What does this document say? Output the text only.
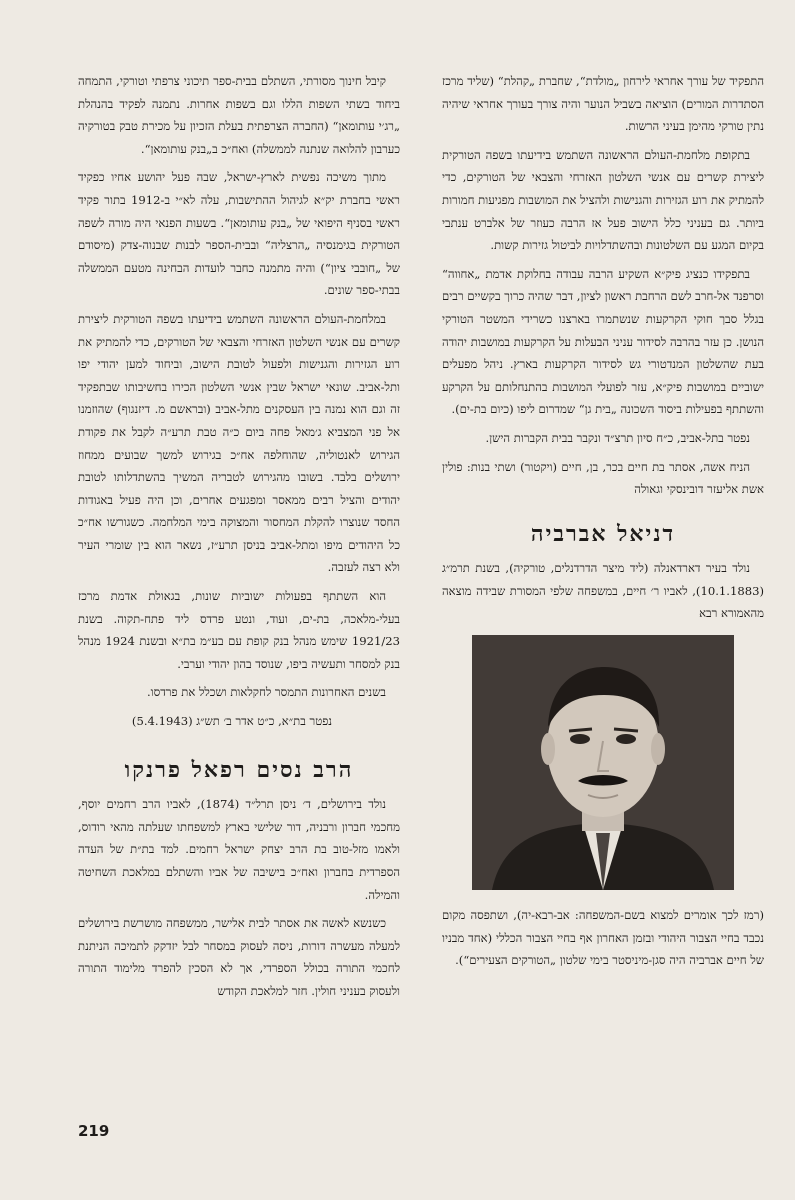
התפקיד של עורך אחראי לירחון „מולדת“, שחברת „קהלת“ (שליד מרכז הסתדרות המורים) הוציאה בשביל הנוער והיה צורך בעורך אחראי שיהיה נתין טורקי מהימן בעיני הרשות.

בתקופת מלחמת-העולם הראשונה השתמש בידיעתו בשפה הטורקית ליצירת קשרים עם אנשי השלטון האזרחי והצבאי של הטורקים, כדי להמתיק את רוע הגזירות והגנישות ולהציל את המושבות מפגיעות חמורות ביותר. גם בעניני כלל הישוב פעל אז הרבה כעוזר של אלברט ענתבי בקיום המגע עם השלטונות ובהשתדלויות לביטול גזירות קשות.

בתפקידו כנציג פיק״א השקיע הרבה עבודה בחלוקת אדמת „אחווה“ וסרפנד אל-חרב לשם הרחבת ראשון לציון, דבר שהיה כרוך בקשיים רבים בגלל סבך חוקי הקרקעות שנשתמרו בארצנו כשרידי המשטר הטורקי הנושן. כן עזר בהרבה לסידור עניני הבעלות על הקרקעות במושבות יהודה בעת שהשלטון המנדטורי גש לסידור הקרקעות בארץ. ניהל מפעלים ישוביים במושבות פיק״א, עזר לפועלי המושבות בהתנחלותם על הקרקע והשתתף בפעילות ביסוד השכונה „בית גן“ שמדרום ליפו (כיום בת-ים).

נפטר בתל-אביב, כ״ח סיון תרצ״ד ונקבר בבית הקברות הישן.

הניח אשה, אסתר בת חיים בכר, בן, חיים (ויקטור) ושתי בנות: פולין אשת אליעזר דובינסקי וגאולה

דניאל אברביה

נולד בעיר דארדאנלה (ליד מיצר הדרדנלים, טורקיה), בשנת תרמ״ג (10.1.1883), לאביו ר׳ חיים, במשפחה שלפי המסורת שבידה מוצאה מהאמורא רבא

(רמז לכך אומרים למצוא בשם-המשפחה: אב-רבא-יה), ושתפסה מקום נכבד בחיי הצבור היהודי ובזמן האחרון אף בחיי הצבור הכללי (אחד מבניו של חיים אברביה היה סגן-מיניסטר בימי שלטון „הטורקים הצעירים“).

קיבל חינוך מסורתי, השתלם בבית-ספר תיכוני צרפתי וטורקי, התמחה ביחוד בשתי השפות הללו וגם בשפות אחרות. נתמנה לפקיד בהנהלת „רג׳י עותומאן“ (החברה הצרפתית בעלת הזכיון על מכירת טבק בטורקיה כערבון להלואה שנתנה לממשלה) ואח״כ ב„בנק עותומאן“.

מתוך משיכה נפשית לארץ-ישראל, שבה פעל יהושע אחיו כפקיד ראשי בחברת יק״א לגיהול ההתישבות, עלה לא״י ב-1912 בתור פקיד ראשי בסניף היפואי של „בנק עותומאן“. בשעות הפנאי היה מורה לשפה הטורקית בגימנסיה „הרצליה“ ובבית-הספר לבנות שבנוה-צדק (מיסודם של „חובבי ציון“) והיה מתמנה כחבר לועדות הבחינה מטעם הממשלה בבתי-ספר שונים.

במלחמת-העולם הראשונה השתמש בידיעתו בשפה הטורקית ליצירת קשרים עם אנשי השלטון האזרחי והצבאי של הטורקים, כדי להמתיק את רוע הגזירות והגנישות ולפעול לטובת הישוב, וביחוד למען יהודי יפו ותל-אביב. שונאי ישראל שבין אנשי השלטון הכירו בחשיבותו שבתפקיד זה וגם הוא נמנה בין העסקנים מתל-אביב (ובראשם מ. דיזנגוף) שהוזמנו אל פני המצביא ג׳מאל פחה ביום כ״ה טבת תרע״ה לקבל את פקודת הגירוש לאנטוליה, שהוחלפה אח״כ בגירוש למשך שבועים ממחוז ירושלים בלבד. בשובו מהגירוש לטבריה המשיך בהשתדלותו לטובת יהודים והציל רבים ממאסר ומפגעים אחרים, וכן היה פעיל באגודות החסד שנוצרו להקלת המחסור והמצוקה בימי המלחמה. כשגורשו אח״כ כל היהודים מיפו ומתל-אביב בניסן תרע״ז, נשאר הוא בין שומרי העיר ולא רצה לעזבה.

הוא השתתף בפעולות ישוביות שונות, בגאולת אדמת מרכז בעלי-מלאכה, בת-ים, ועוד, ונטע פרדס ליד פתח-תקוה. בשנת 1921/23 שימש מנהל בנק קופת עם בע״מ בת״א ובשנת 1924 מנהל בנק למסחר ותעשיה ביפו, שנוסד בהון יהודי וערבי.

בשנים האחרונות התמסר לחקלאות ושכלל את פרדסו.

נפטר בת״א, כ״ט אדר ב׳ תש״ג (5.4.1943)

הרב נסים רפאל פרנקו

נולד בירושלים, ד׳ ניסן תרל״ד (1874), לאביו הרב רחמים יוסף, מחכמי חברון ורבניה, דור שלישי בארץ למשפחתו שעלתה מהאי רודוס, ולאמו מזל-טוב בת הרב יצחק ישראל רחמים. למד בת״ת של העדה הספרדית בחברון ואח״כ בישיבה של אביו והשתלם במלאכת השחיטה והמילה.

כשנשא לאשה את אסתר לבית אלישר, ממשפחה מושרשת בירושלים למעלה מעשרה דורות, ניסה לעסוק במסחר לבל יזדקק לתמיכה הניתנת לחכמי התורה בכולל הספרדי, אך לא הסכין להפרד מלימוד התורה ולעסוק בעניני חולין. חזר למלאכת הקודש

219
